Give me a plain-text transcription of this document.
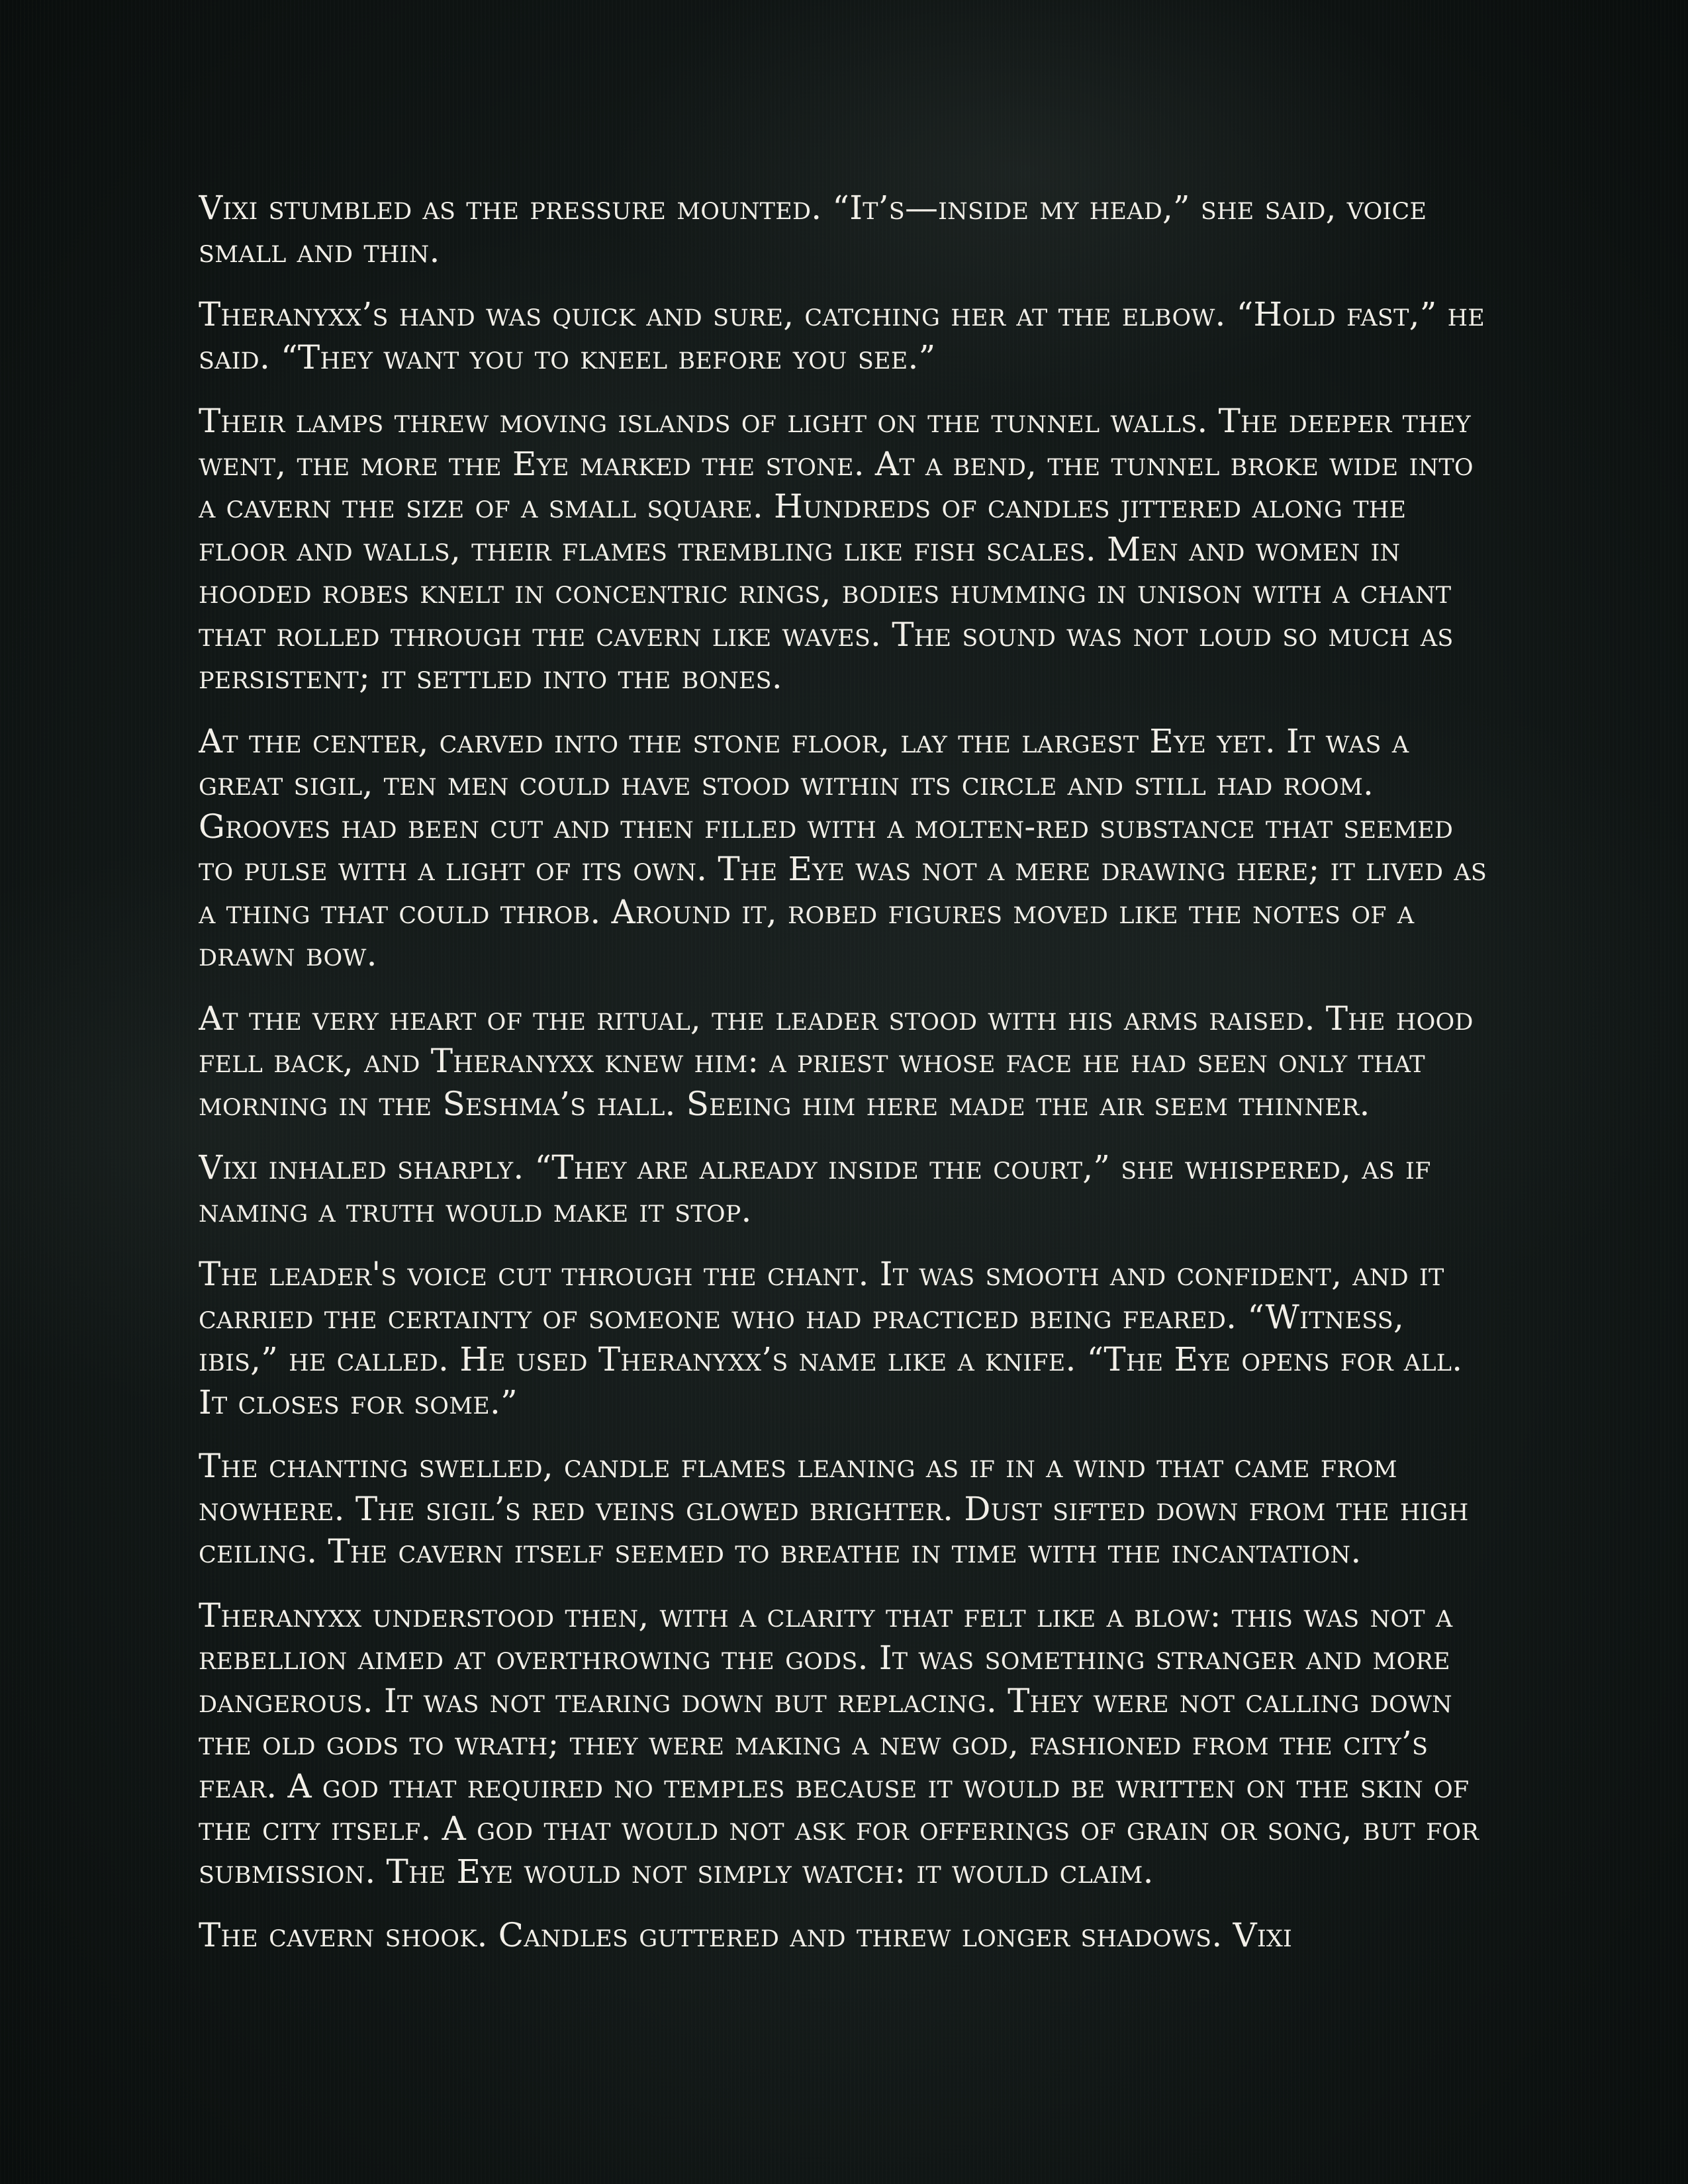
Vixi stumbled as the pressure mounted. “It’s—inside my head,” she said, voice small and thin.

Theranyxx’s hand was quick and sure, catching her at the elbow. “Hold fast,” he said. “They want you to kneel before you see.”

Their lamps threw moving islands of light on the tunnel walls. The deeper they went, the more the Eye marked the stone. At a bend, the tunnel broke wide into a cavern the size of a small square. Hundreds of candles jittered along the floor and walls, their flames trembling like fish scales. Men and women in hooded robes knelt in concentric rings, bodies humming in unison with a chant that rolled through the cavern like waves. The sound was not loud so much as persistent; it settled into the bones.

At the center, carved into the stone floor, lay the largest Eye yet. It was a great sigil, ten men could have stood within its circle and still had room. Grooves had been cut and then filled with a molten-red substance that seemed to pulse with a light of its own. The Eye was not a mere drawing here; it lived as a thing that could throb. Around it, robed figures moved like the notes of a drawn bow.

At the very heart of the ritual, the leader stood with his arms raised. The hood fell back, and Theranyxx knew him: a priest whose face he had seen only that morning in the Seshma’s hall. Seeing him here made the air seem thinner.

Vixi inhaled sharply. “They are already inside the court,” she whispered, as if naming a truth would make it stop.

The leader's voice cut through the chant. It was smooth and confident, and it carried the certainty of someone who had practiced being feared. “Witness, ibis,” he called. He used Theranyxx’s name like a knife. “The Eye opens for all. It closes for some.”

The chanting swelled, candle flames leaning as if in a wind that came from nowhere. The sigil’s red veins glowed brighter. Dust sifted down from the high ceiling. The cavern itself seemed to breathe in time with the incantation.

Theranyxx understood then, with a clarity that felt like a blow: this was not a rebellion aimed at overthrowing the gods. It was something stranger and more dangerous. It was not tearing down but replacing. They were not calling down the old gods to wrath; they were making a new god, fashioned from the city’s fear. A god that required no temples because it would be written on the skin of the city itself. A god that would not ask for offerings of grain or song, but for submission. The Eye would not simply watch: it would claim.

The cavern shook. Candles guttered and threw longer shadows. Vixi
